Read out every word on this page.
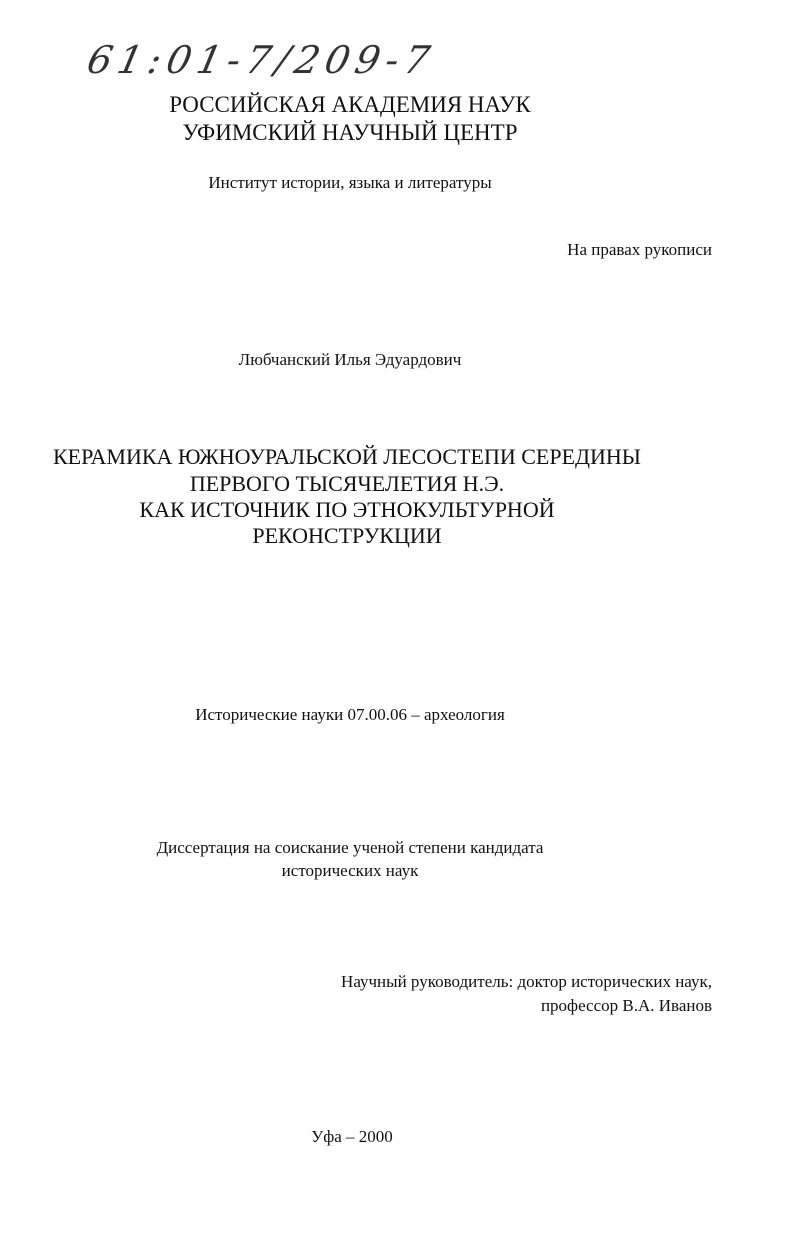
61:01-7/209-7
РОССИЙСКАЯ АКАДЕМИЯ НАУК
УФИМСКИЙ НАУЧНЫЙ ЦЕНТР
Институт истории, языка и литературы
На правах рукописи
Любчанский Илья Эдуардович
КЕРАМИКА ЮЖНОУРАЛЬСКОЙ ЛЕСОСТЕПИ СЕРЕДИНЫ
ПЕРВОГО ТЫСЯЧЕЛЕТИЯ Н.Э.
КАК ИСТОЧНИК ПО ЭТНОКУЛЬТУРНОЙ
РЕКОНСТРУКЦИИ
Исторические науки 07.00.06 – археология
Диссертация на соискание ученой степени кандидата
исторических наук
Научный руководитель: доктор исторических наук,
профессор В.А. Иванов
Уфа – 2000
